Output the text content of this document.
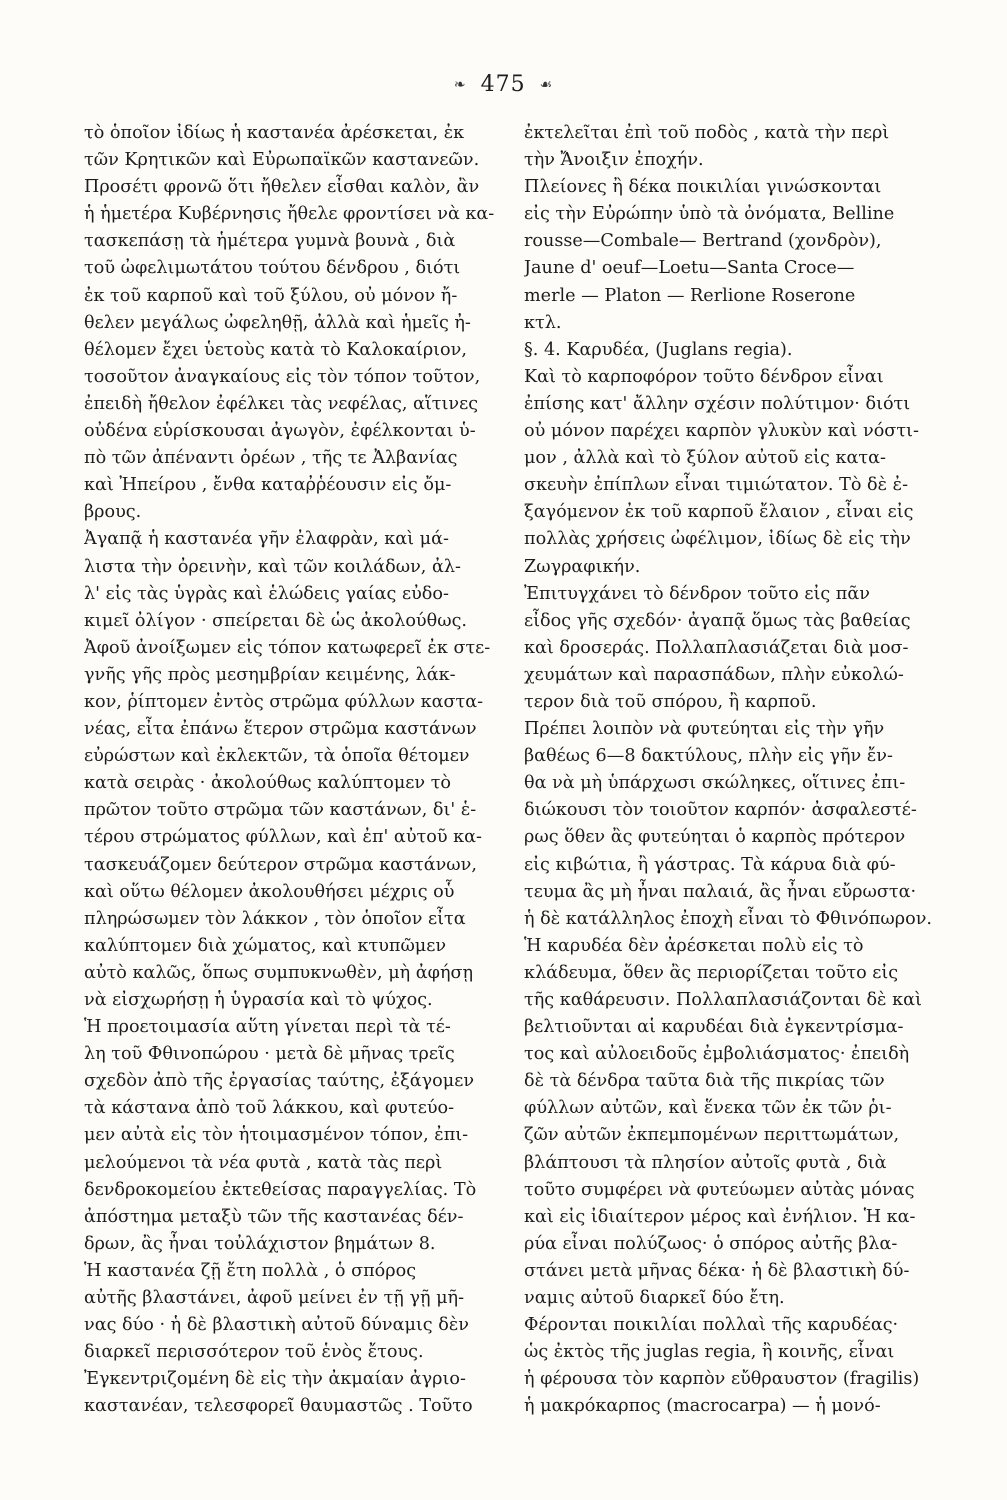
❧ 475 ☙
τὸ ὁποῖον ἰδίως ἡ καστανέα ἀρέσκεται, ἐκ
τῶν Κρητικῶν καὶ Εὐρωπαϊκῶν καστανεῶν.
Προσέτι φρονῶ ὅτι ἤθελεν εἶσθαι καλὸν, ἂν
ἡ ἡμετέρα Κυβέρνησις ἤθελε φροντίσει νὰ κα-
τασκεπάσῃ τὰ ἡμέτερα γυμνὰ βουνὰ , διὰ
τοῦ ὠφελιμωτάτου τούτου δένδρου , διότι
ἐκ τοῦ καρποῦ καὶ τοῦ ξύλου, οὐ μόνον ἤ-
θελεν μεγάλως ὠφεληθῇ, ἀλλὰ καὶ ἡμεῖς ἠ-
θέλομεν ἔχει ὑετοὺς κατὰ τὸ Καλοκαίριον,
τοσοῦτον ἀναγκαίους εἰς τὸν τόπον τοῦτον,
ἐπειδὴ ἤθελον ἐφέλκει τὰς νεφέλας, αἵτινες
οὐδένα εὑρίσκουσαι ἀγωγὸν, ἐφέλκονται ὑ-
πὸ τῶν ἀπέναντι ὀρέων , τῆς τε Ἀλβανίας
καὶ Ἠπείρου , ἔνθα καταῤῥέουσιν εἰς ὄμ-
βρους.
Ἀγαπᾷ ἡ καστανέα γῆν ἐλαφρὰν, καὶ μά-
λιστα τὴν ὀρεινὴν, καὶ τῶν κοιλάδων, ἀλ-
λ' εἰς τὰς ὑγρὰς καὶ ἑλώδεις γαίας εὐδο-
κιμεῖ ὀλίγον · σπείρεται δὲ ὡς ἀκολούθως.
Ἀφοῦ ἀνοίξωμεν εἰς τόπον κατωφερεῖ ἐκ στε-
γνῆς γῆς πρὸς μεσημβρίαν κειμένης, λάκ-
κον, ῥίπτομεν ἐντὸς στρῶμα φύλλων καστα-
νέας, εἶτα ἐπάνω ἕτερον στρῶμα καστάνων
εὐρώστων καὶ ἐκλεκτῶν, τὰ ὁποῖα θέτομεν
κατὰ σειρὰς · ἀκολούθως καλύπτομεν τὸ
πρῶτον τοῦτο στρῶμα τῶν καστάνων, δι' ἑ-
τέρου στρώματος φύλλων, καὶ ἐπ' αὐτοῦ κα-
τασκευάζομεν δεύτερον στρῶμα καστάνων,
καὶ οὕτω θέλομεν ἀκολουθήσει μέχρις οὗ
πληρώσωμεν τὸν λάκκον , τὸν ὁποῖον εἶτα
καλύπτομεν διὰ χώματος, καὶ κτυπῶμεν
αὐτὸ καλῶς, ὅπως συμπυκνωθὲν, μὴ ἀφήσῃ
νὰ εἰσχωρήσῃ ἡ ὑγρασία καὶ τὸ ψύχος.
Ἡ προετοιμασία αὕτη γίνεται περὶ τὰ τέ-
λη τοῦ Φθινοπώρου · μετὰ δὲ μῆνας τρεῖς
σχεδὸν ἀπὸ τῆς ἐργασίας ταύτης, ἐξάγομεν
τὰ κάστανα ἀπὸ τοῦ λάκκου, καὶ φυτεύο-
μεν αὐτὰ εἰς τὸν ἡτοιμασμένον τόπον, ἐπι-
μελούμενοι τὰ νέα φυτὰ , κατὰ τὰς περὶ
δενδροκομείου ἐκτεθείσας παραγγελίας. Τὸ
ἀπόστημα μεταξὺ τῶν τῆς καστανέας δέν-
δρων, ἂς ἦναι τοὐλάχιστον βημάτων 8.
Ἡ καστανέα ζῇ ἔτη πολλὰ , ὁ σπόρος
αὐτῆς βλαστάνει, ἀφοῦ μείνει ἐν τῇ γῇ μῆ-
νας δύο · ἡ δὲ βλαστικὴ αὐτοῦ δύναμις δὲν
διαρκεῖ περισσότερον τοῦ ἑνὸς ἔτους.
Ἐγκεντριζομένη δὲ εἰς τὴν ἀκμαίαν ἀγριο-
καστανέαν, τελεσφορεῖ θαυμαστῶς . Τοῦτο
ἐκτελεῖται ἐπὶ τοῦ ποδὸς , κατὰ τὴν περὶ
τὴν Ἄνοιξιν ἐποχήν.
Πλείονες ἢ δέκα ποικιλίαι γινώσκονται
εἰς τὴν Εὐρώπην ὑπὸ τὰ ὀνόματα, Belline
rousse—Combale— Bertrand (χονδρὸν),
Jaune d' oeuf—Loetu—Santa Croce—
merle — Platon — Rerlione Roserone
κτλ.
§. 4. Καρυδέα, (Juglans regia).
Καὶ τὸ καρποφόρον τοῦτο δένδρον εἶναι
ἐπίσης κατ' ἄλλην σχέσιν πολύτιμον· διότι
οὐ μόνον παρέχει καρπὸν γλυκὺν καὶ νόστι-
μον , ἀλλὰ καὶ τὸ ξύλον αὐτοῦ εἰς κατα-
σκευὴν ἐπίπλων εἶναι τιμιώτατον. Τὸ δὲ ἐ-
ξαγόμενον ἐκ τοῦ καρποῦ ἔλαιον , εἶναι εἰς
πολλὰς χρήσεις ὠφέλιμον, ἰδίως δὲ εἰς τὴν
Ζωγραφικήν.
Ἐπιτυγχάνει τὸ δένδρον τοῦτο εἰς πᾶν
εἶδος γῆς σχεδόν· ἀγαπᾷ ὅμως τὰς βαθείας
καὶ δροσεράς. Πολλαπλασιάζεται διὰ μοσ-
χευμάτων καὶ παρασπάδων, πλὴν εὐκολώ-
τερον διὰ τοῦ σπόρου, ἢ καρποῦ.
Πρέπει λοιπὸν νὰ φυτεύηται εἰς τὴν γῆν
βαθέως 6—8 δακτύλους, πλὴν εἰς γῆν ἔν-
θα νὰ μὴ ὑπάρχωσι σκώληκες, οἵτινες ἐπι-
διώκουσι τὸν τοιοῦτον καρπόν· ἀσφαλεστέ-
ρως ὅθεν ἂς φυτεύηται ὁ καρπὸς πρότερον
εἰς κιβώτια, ἢ γάστρας. Τὰ κάρυα διὰ φύ-
τευμα ἂς μὴ ἦναι παλαιά, ἂς ἦναι εὔρωστα·
ἡ δὲ κατάλληλος ἐποχὴ εἶναι τὸ Φθινόπωρον.
Ἡ καρυδέα δὲν ἀρέσκεται πολὺ εἰς τὸ
κλάδευμα, ὅθεν ἂς περιορίζεται τοῦτο εἰς
τῆς καθάρευσιν. Πολλαπλασιάζονται δὲ καὶ
βελτιοῦνται αἱ καρυδέαι διὰ ἐγκεντρίσμα-
τος καὶ αὐλοειδοῦς ἐμβολιάσματος· ἐπειδὴ
δὲ τὰ δένδρα ταῦτα διὰ τῆς πικρίας τῶν
φύλλων αὐτῶν, καὶ ἕνεκα τῶν ἐκ τῶν ῥι-
ζῶν αὐτῶν ἐκπεμπομένων περιττωμάτων,
βλάπτουσι τὰ πλησίον αὐτοῖς φυτὰ , διὰ
τοῦτο συμφέρει νὰ φυτεύωμεν αὐτὰς μόνας
καὶ εἰς ἰδιαίτερον μέρος καὶ ἐνήλιον. Ἡ κα-
ρύα εἶναι πολύζωος· ὁ σπόρος αὐτῆς βλα-
στάνει μετὰ μῆνας δέκα· ἡ δὲ βλαστικὴ δύ-
ναμις αὐτοῦ διαρκεῖ δύο ἔτη.
Φέρονται ποικιλίαι πολλαὶ τῆς καρυδέας·
ὡς ἐκτὸς τῆς juglas regia, ἢ κοινῆς, εἶναι
ἡ φέρουσα τὸν καρπὸν εὔθραυστον (fragilis)
ἡ μακρόκαρπος (macrocarpa) — ἡ μονό-
